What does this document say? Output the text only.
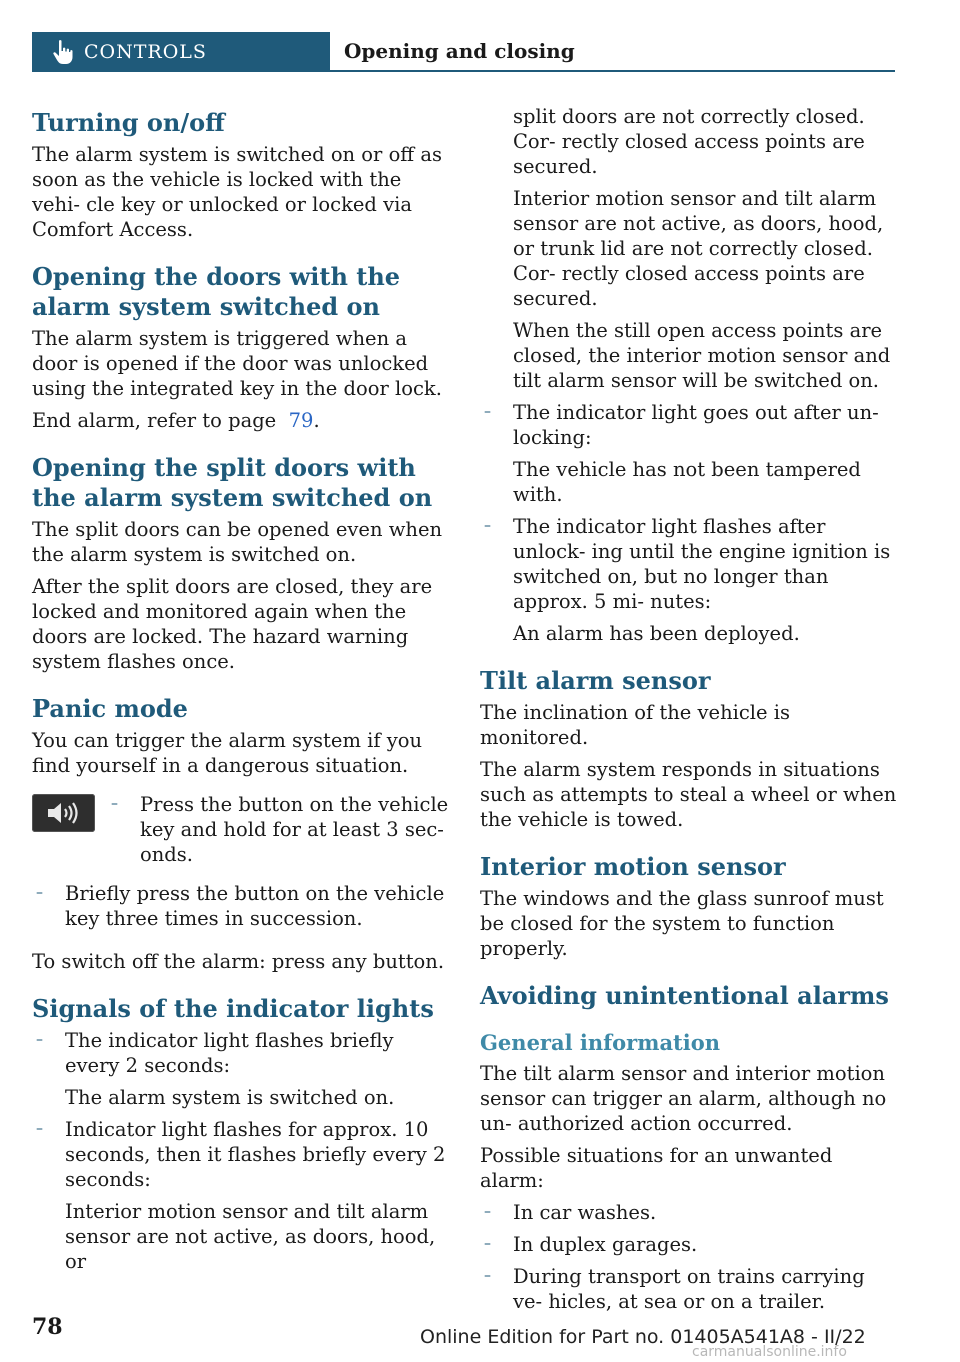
CONTROLS	Opening and closing
Turning on/off

The alarm system is switched on or off as soon as the vehicle is locked with the vehi‐ cle key or unlocked or locked via Comfort Access.

Opening the doors with the alarm system switched on

The alarm system is triggered when a door is opened if the door was unlocked using the integrated key in the door lock.

End alarm, refer to page 79.

Opening the split doors with the alarm system switched on

The split doors can be opened even when the alarm system is switched on.

After the split doors are closed, they are locked and monitored again when the doors are locked. The hazard warning system flashes once.

Panic mode

You can trigger the alarm system if you find yourself in a dangerous situation.

– Press the button on the vehicle key and hold for at least 3 sec‐ onds.
– Briefly press the button on the vehicle key three times in succession.

To switch off the alarm: press any button.

Signals of the indicator lights
– The indicator light flashes briefly every 2 seconds:

The alarm system is switched on.

– Indicator light flashes for approx. 10 seconds, then it flashes briefly every 2 seconds:

Interior motion sensor and tilt alarm sensor are not active, as doors, hood, or

split doors are not correctly closed. Cor‐ rectly closed access points are secured.

Interior motion sensor and tilt alarm sensor are not active, as doors, hood, or trunk lid are not correctly closed. Cor‐ rectly closed access points are secured.

When the still open access points are closed, the interior motion sensor and tilt alarm sensor will be switched on.

– The indicator light goes out after un‐ locking:

The vehicle has not been tampered with.

– The indicator light flashes after unlock‐ ing until the engine ignition is switched on, but no longer than approx. 5 mi‐ nutes:

An alarm has been deployed.

Tilt alarm sensor

The inclination of the vehicle is monitored.

The alarm system responds in situations such as attempts to steal a wheel or when the vehicle is towed.

Interior motion sensor

The windows and the glass sunroof must be closed for the system to function properly.

Avoiding unintentional alarms
General information

The tilt alarm sensor and interior motion sensor can trigger an alarm, although no un‐ authorized action occurred.

Possible situations for an unwanted alarm:

– In car washes.
– In duplex garages.
– During transport on trains carrying ve‐ hicles, at sea or on a trailer.
78	Online Edition for Part no. 01405A541A8 - II/22
carmanualsonline.info
